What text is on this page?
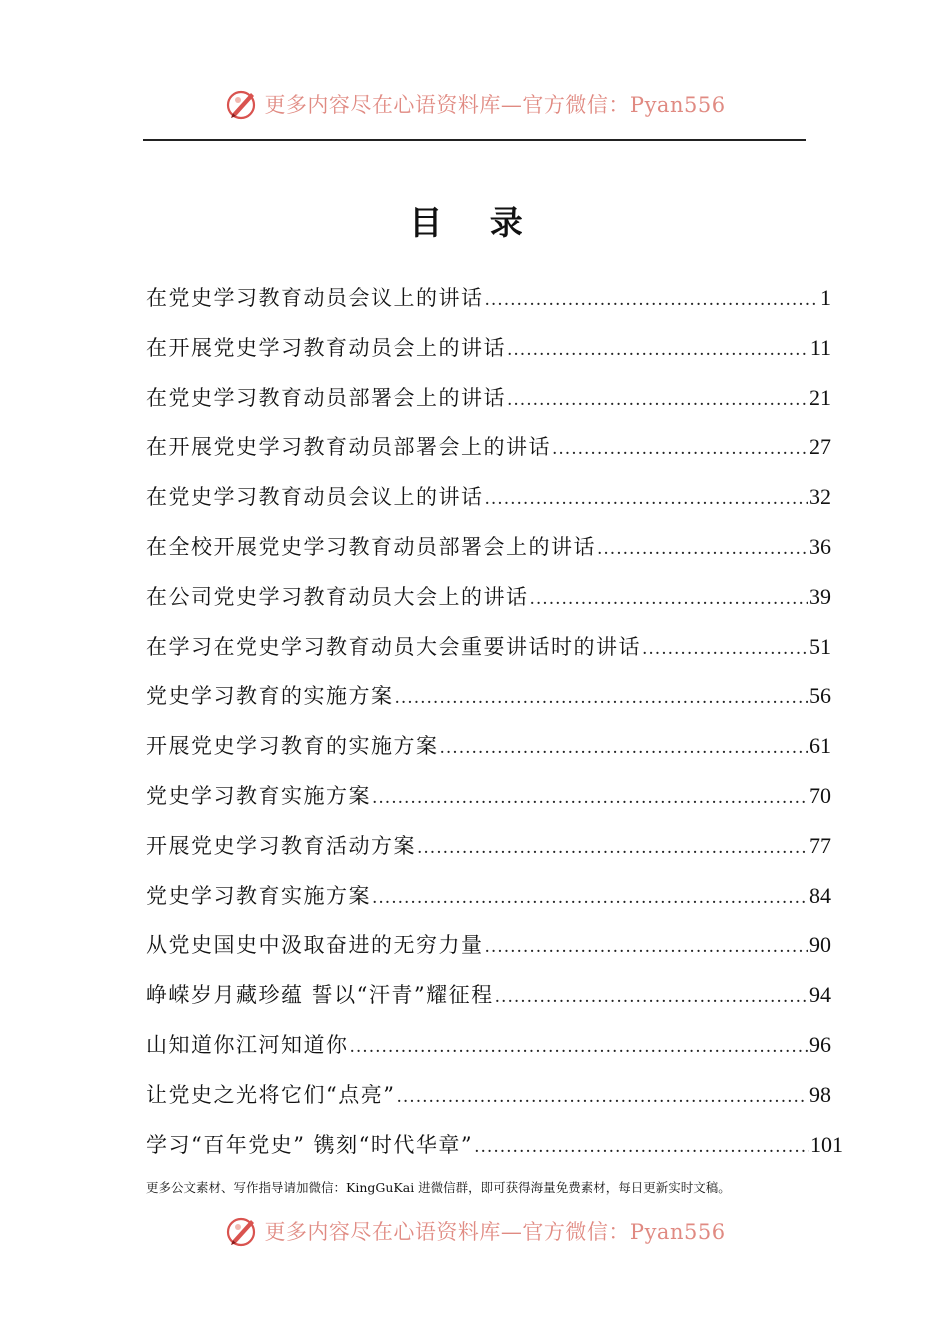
更多内容尽在心语资料库—官方微信：Pyan556
目 录
在党史学习教育动员会议上的讲话 .....	1
在开展党史学习教育动员会上的讲话 .....	11
在党史学习教育动员部署会上的讲话 .....	21
在开展党史学习教育动员部署会上的讲话 .....	27
在党史学习教育动员会议上的讲话 .....	32
在全校开展党史学习教育动员部署会上的讲话 .....	36
在公司党史学习教育动员大会上的讲话 .....	39
在学习在党史学习教育动员大会重要讲话时的讲话 .....	51
党史学习教育的实施方案 .....	56
开展党史学习教育的实施方案 .....	61
党史学习教育实施方案 .....	70
开展党史学习教育活动方案 .....	77
党史学习教育实施方案 .....	84
从党史国史中汲取奋进的无穷力量 .....	90
峥嵘岁月藏珍蕴 誓以“汗青”耀征程 .....	94
山知道你江河知道你 .....	96
让党史之光将它们“点亮” .....	98
学习“百年党史” 镌刻“时代华章” .....	101
更多公文素材、写作指导请加微信：KingGuKai 进微信群，即可获得海量免费素材，每日更新实时文稿。
更多内容尽在心语资料库—官方微信：Pyan556
